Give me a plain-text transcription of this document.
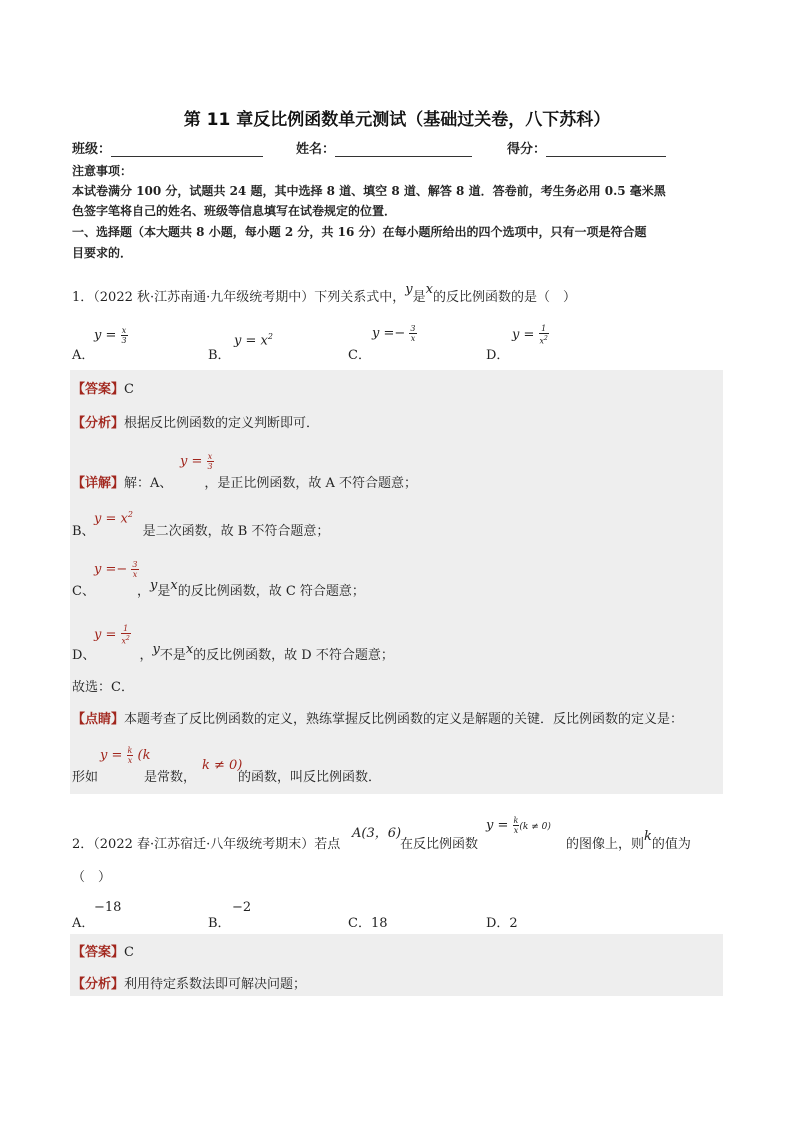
第 11 章反比例函数单元测试（基础过关卷，八下苏科）
班级：	姓名：	得分：
注意事项：
本试卷满分 100 分，试题共 24 题，其中选择 8 道、填空 8 道、解答 8 道．答卷前，考生务必用 0.5 毫米黑
色签字笔将自己的姓名、班级等信息填写在试卷规定的位置．
一、选择题（本大题共 8 小题，每小题 2 分，共 16 分）在每小题所给出的四个选项中，只有一项是符合题
目要求的．
1．（2022 秋·江苏南通·九年级统考期中）下列关系式中，y是x的反比例函数的是（　）
A．
$y = \frac{x}{3}$
B．
$y = x^2$
C．
$y =- \frac{3}{x}$
D．
$y = \frac{1}{x^2}$
【答案】C
【分析】根据反比例函数的定义判断即可．
【详解】解：A、 ，是正比例函数，故 A 不符合题意；
$y = \frac{x}{3}$
B、	是二次函数，故 B 不符合题意；
$y = x^2$
C、	，y是x的反比例函数，故 C 符合题意；
$y =- \frac{3}{x}$
D、	，y不是x的反比例函数，故 D 不符合题意；
$y = \frac{1}{x^2}$
故选：C．
【点睛】本题考查了反比例函数的定义，熟练掌握反比例函数的定义是解题的关键．反比例函数的定义是：
形如	是常数，	的函数，叫反比例函数．
$y = \frac{k}{x} (k$
k ≠ 0)
2．（2022 春·江苏宿迁·八年级统考期末）若点
A(3，6)
在反比例函数
$y = \frac{k}{x} (k \ne 0)$
的图像上，则k的值为
（　）
A．
−18
B．
−2
C．18	D．2
【答案】C
【分析】利用待定系数法即可解决问题；
